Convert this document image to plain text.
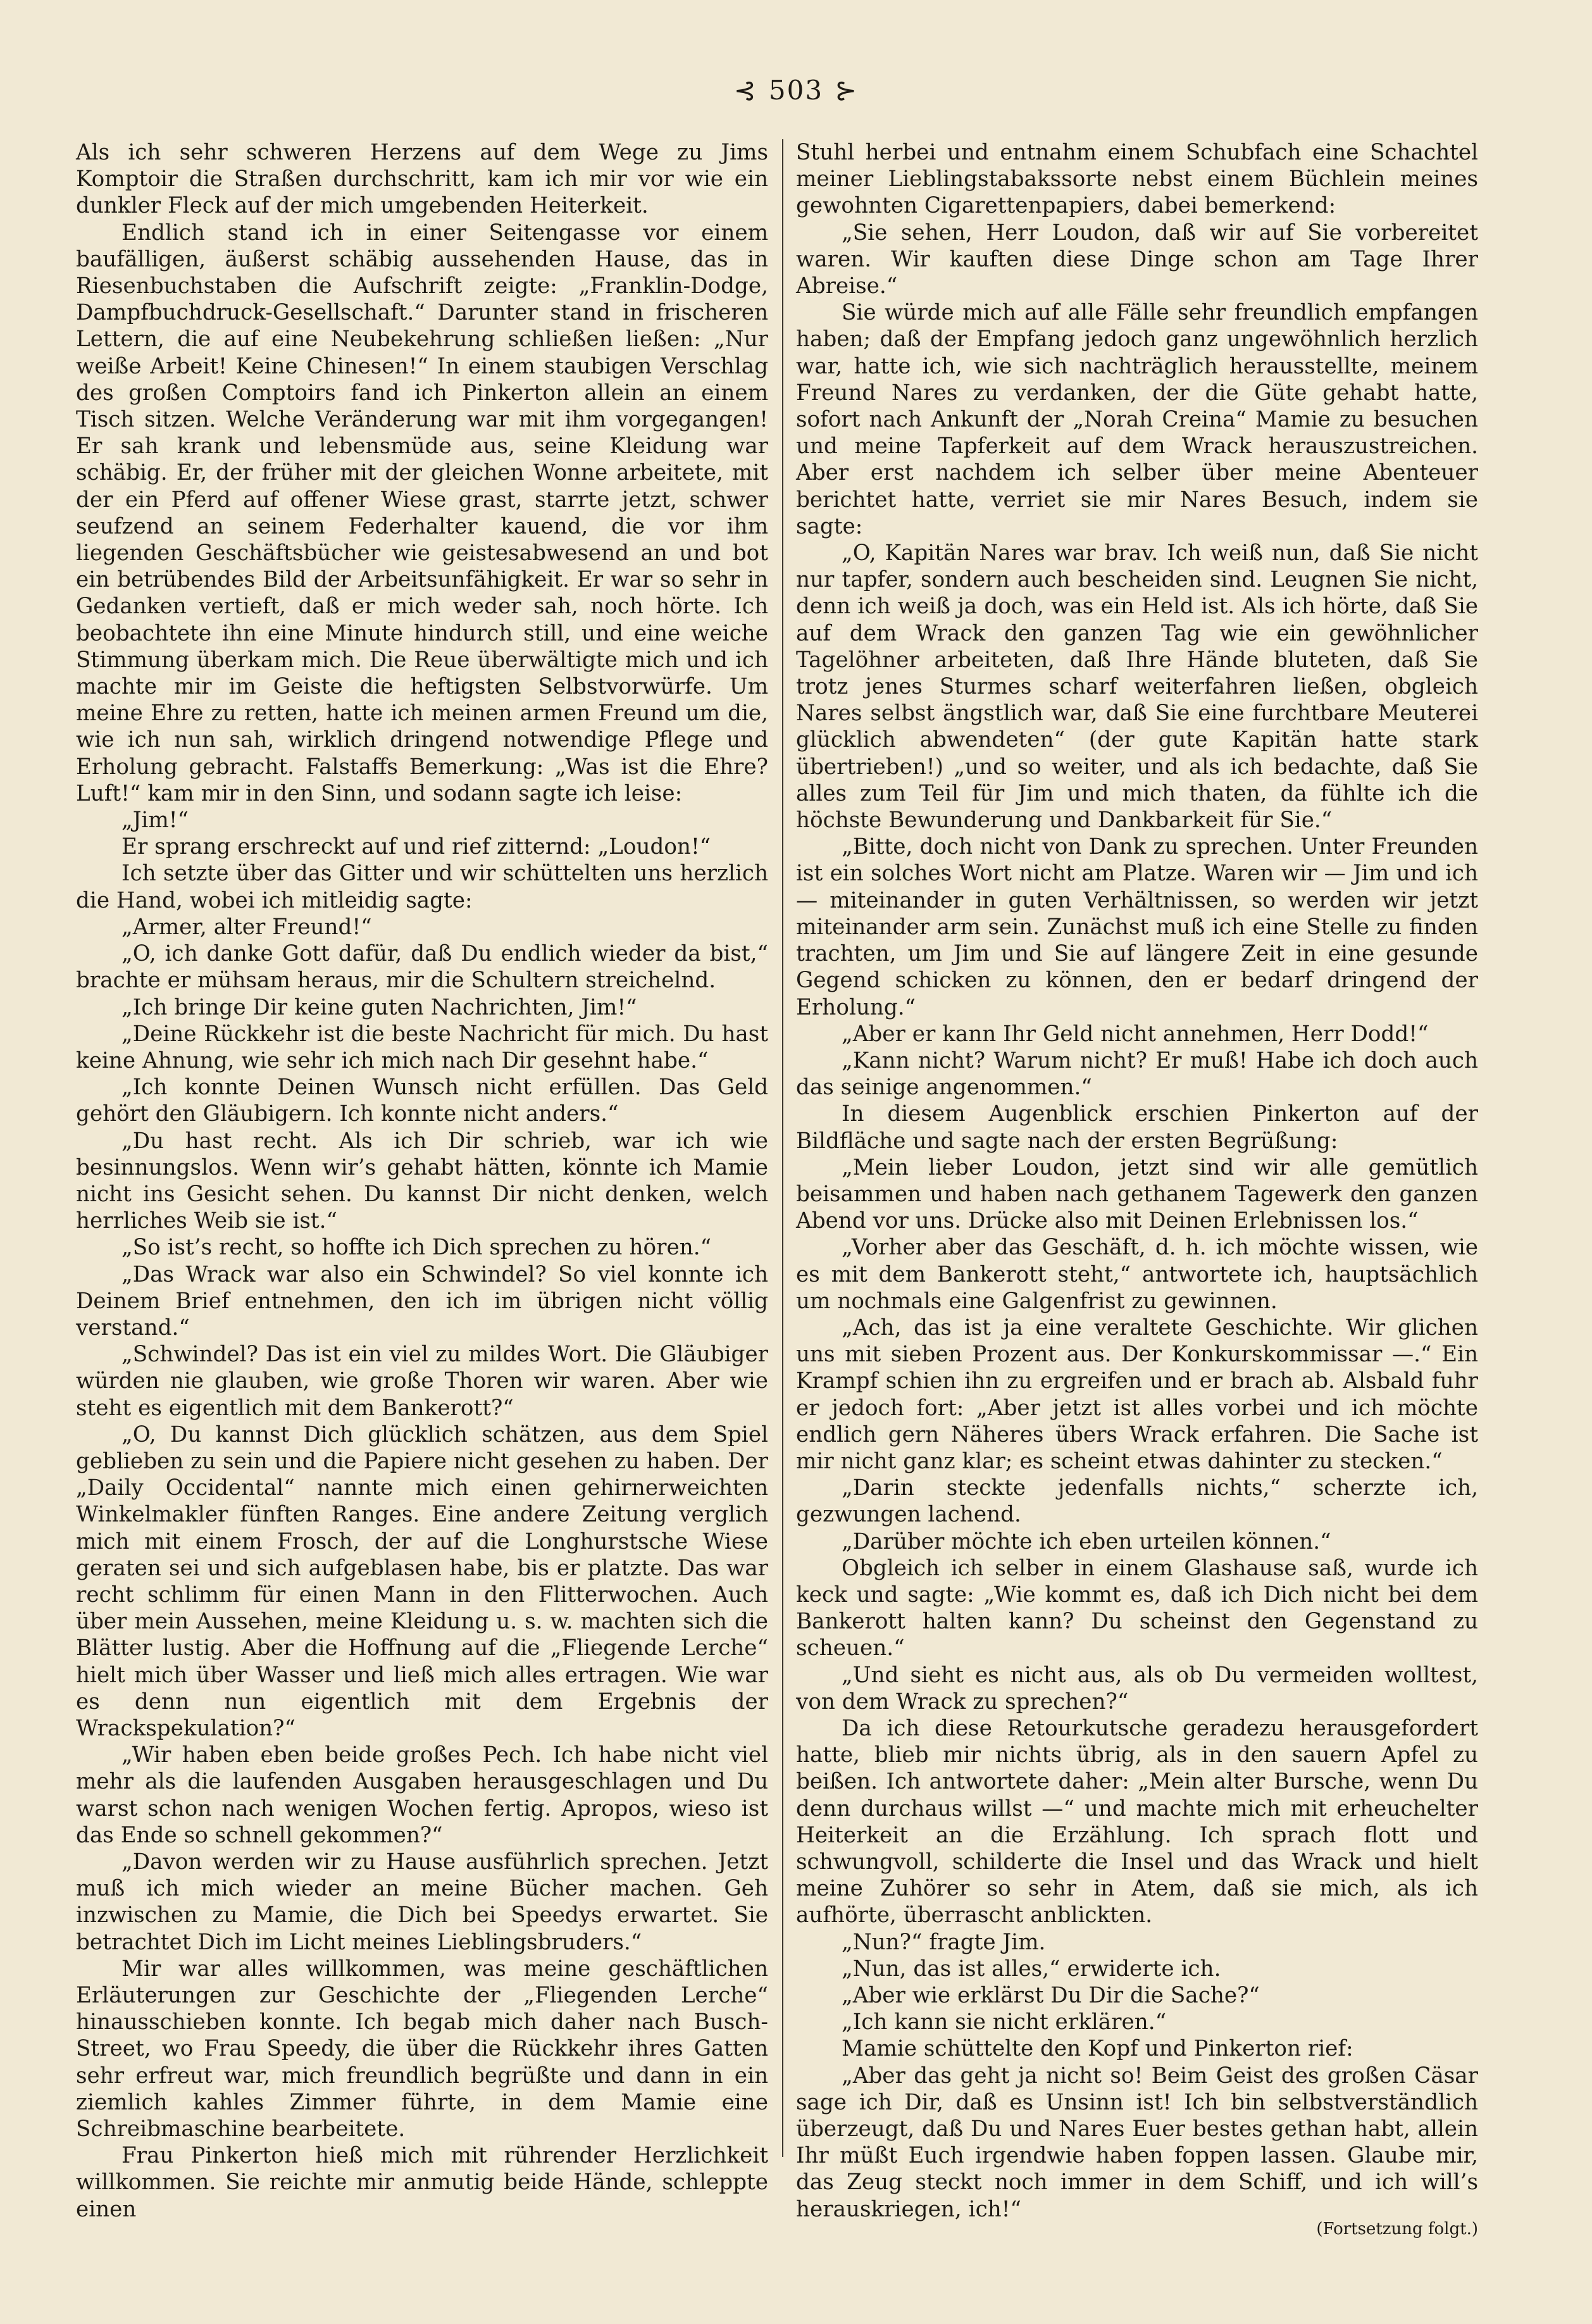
⊰ 503 ⊱

Als ich sehr schweren Herzens auf dem Wege zu Jims Komptoir die Straßen durchschritt, kam ich mir vor wie ein dunkler Fleck auf der mich umgebenden Heiterkeit.

Endlich stand ich in einer Seitengasse vor einem baufälligen, äußerst schäbig aussehenden Hause, das in Riesenbuchstaben die Aufschrift zeigte: „Franklin-Dodge, Dampfbuchdruck-Gesellschaft.“ Darunter stand in frischeren Lettern, die auf eine Neubekehrung schließen ließen: „Nur weiße Arbeit! Keine Chinesen!“ In einem staubigen Verschlag des großen Comptoirs fand ich Pinkerton allein an einem Tisch sitzen. Welche Veränderung war mit ihm vorgegangen! Er sah krank und lebensmüde aus, seine Kleidung war schäbig. Er, der früher mit der gleichen Wonne arbeitete, mit der ein Pferd auf offener Wiese grast, starrte jetzt, schwer seufzend an seinem Federhalter kauend, die vor ihm liegenden Geschäftsbücher wie geistesabwesend an und bot ein betrübendes Bild der Arbeitsunfähigkeit. Er war so sehr in Gedanken vertieft, daß er mich weder sah, noch hörte. Ich beobachtete ihn eine Minute hindurch still, und eine weiche Stimmung überkam mich. Die Reue überwältigte mich und ich machte mir im Geiste die heftigsten Selbstvorwürfe. Um meine Ehre zu retten, hatte ich meinen armen Freund um die, wie ich nun sah, wirklich dringend notwendige Pflege und Erholung gebracht. Falstaffs Bemerkung: „Was ist die Ehre? Luft!“ kam mir in den Sinn, und sodann sagte ich leise:

„Jim!“

Er sprang erschreckt auf und rief zitternd: „Loudon!“

Ich setzte über das Gitter und wir schüttelten uns herzlich die Hand, wobei ich mitleidig sagte:

„Armer, alter Freund!“

„O, ich danke Gott dafür, daß Du endlich wieder da bist,“ brachte er mühsam heraus, mir die Schultern streichelnd.

„Ich bringe Dir keine guten Nachrichten, Jim!“

„Deine Rückkehr ist die beste Nachricht für mich. Du hast keine Ahnung, wie sehr ich mich nach Dir gesehnt habe.“

„Ich konnte Deinen Wunsch nicht erfüllen. Das Geld gehört den Gläubigern. Ich konnte nicht anders.“

„Du hast recht. Als ich Dir schrieb, war ich wie besinnungslos. Wenn wir’s gehabt hätten, könnte ich Mamie nicht ins Gesicht sehen. Du kannst Dir nicht denken, welch herrliches Weib sie ist.“

„So ist’s recht, so hoffte ich Dich sprechen zu hören.“

„Das Wrack war also ein Schwindel? So viel konnte ich Deinem Brief entnehmen, den ich im übrigen nicht völlig verstand.“

„Schwindel? Das ist ein viel zu mildes Wort. Die Gläubiger würden nie glauben, wie große Thoren wir waren. Aber wie steht es eigentlich mit dem Bankerott?“

„O, Du kannst Dich glücklich schätzen, aus dem Spiel geblieben zu sein und die Papiere nicht gesehen zu haben. Der „Daily Occidental“ nannte mich einen gehirnerweichten Winkelmakler fünften Ranges. Eine andere Zeitung verglich mich mit einem Frosch, der auf die Longhurstsche Wiese geraten sei und sich aufgeblasen habe, bis er platzte. Das war recht schlimm für einen Mann in den Flitterwochen. Auch über mein Aussehen, meine Kleidung u. s. w. machten sich die Blätter lustig. Aber die Hoffnung auf die „Fliegende Lerche“ hielt mich über Wasser und ließ mich alles ertragen. Wie war es denn nun eigentlich mit dem Ergebnis der Wrackspekulation?“

„Wir haben eben beide großes Pech. Ich habe nicht viel mehr als die laufenden Ausgaben herausgeschlagen und Du warst schon nach wenigen Wochen fertig. Apropos, wieso ist das Ende so schnell gekommen?“

„Davon werden wir zu Hause ausführlich sprechen. Jetzt muß ich mich wieder an meine Bücher machen. Geh inzwischen zu Mamie, die Dich bei Speedys erwartet. Sie betrachtet Dich im Licht meines Lieblingsbruders.“

Mir war alles willkommen, was meine geschäftlichen Erläuterungen zur Geschichte der „Fliegenden Lerche“ hinausschieben konnte. Ich begab mich daher nach Busch-Street, wo Frau Speedy, die über die Rückkehr ihres Gatten sehr erfreut war, mich freundlich begrüßte und dann in ein ziemlich kahles Zimmer führte, in dem Mamie eine Schreibmaschine bearbeitete.

Frau Pinkerton hieß mich mit rührender Herzlichkeit willkommen. Sie reichte mir anmutig beide Hände, schleppte einen

Stuhl herbei und entnahm einem Schubfach eine Schachtel meiner Lieblingstabakssorte nebst einem Büchlein meines gewohnten Cigarettenpapiers, dabei bemerkend:

„Sie sehen, Herr Loudon, daß wir auf Sie vorbereitet waren. Wir kauften diese Dinge schon am Tage Ihrer Abreise.“

Sie würde mich auf alle Fälle sehr freundlich empfangen haben; daß der Empfang jedoch ganz ungewöhnlich herzlich war, hatte ich, wie sich nachträglich herausstellte, meinem Freund Nares zu verdanken, der die Güte gehabt hatte, sofort nach Ankunft der „Norah Creina“ Mamie zu besuchen und meine Tapferkeit auf dem Wrack herauszustreichen. Aber erst nachdem ich selber über meine Abenteuer berichtet hatte, verriet sie mir Nares Besuch, indem sie sagte:

„O, Kapitän Nares war brav. Ich weiß nun, daß Sie nicht nur tapfer, sondern auch bescheiden sind. Leugnen Sie nicht, denn ich weiß ja doch, was ein Held ist. Als ich hörte, daß Sie auf dem Wrack den ganzen Tag wie ein gewöhnlicher Tagelöhner arbeiteten, daß Ihre Hände bluteten, daß Sie trotz jenes Sturmes scharf weiterfahren ließen, obgleich Nares selbst ängstlich war, daß Sie eine furchtbare Meuterei glücklich abwendeten“ (der gute Kapitän hatte stark übertrieben!) „und so weiter, und als ich bedachte, daß Sie alles zum Teil für Jim und mich thaten, da fühlte ich die höchste Bewunderung und Dankbarkeit für Sie.“

„Bitte, doch nicht von Dank zu sprechen. Unter Freunden ist ein solches Wort nicht am Platze. Waren wir — Jim und ich — miteinander in guten Verhältnissen, so werden wir jetzt miteinander arm sein. Zunächst muß ich eine Stelle zu finden trachten, um Jim und Sie auf längere Zeit in eine gesunde Gegend schicken zu können, den er bedarf dringend der Erholung.“

„Aber er kann Ihr Geld nicht annehmen, Herr Dodd!“

„Kann nicht? Warum nicht? Er muß! Habe ich doch auch das seinige angenommen.“

In diesem Augenblick erschien Pinkerton auf der Bildfläche und sagte nach der ersten Begrüßung:

„Mein lieber Loudon, jetzt sind wir alle gemütlich beisammen und haben nach gethanem Tagewerk den ganzen Abend vor uns. Drücke also mit Deinen Erlebnissen los.“

„Vorher aber das Geschäft, d. h. ich möchte wissen, wie es mit dem Bankerott steht,“ antwortete ich, hauptsächlich um nochmals eine Galgenfrist zu gewinnen.

„Ach, das ist ja eine veraltete Geschichte. Wir glichen uns mit sieben Prozent aus. Der Konkurskommissar —.“ Ein Krampf schien ihn zu ergreifen und er brach ab. Alsbald fuhr er jedoch fort: „Aber jetzt ist alles vorbei und ich möchte endlich gern Näheres übers Wrack erfahren. Die Sache ist mir nicht ganz klar; es scheint etwas dahinter zu stecken.“

„Darin steckte jedenfalls nichts,“ scherzte ich, gezwungen lachend.

„Darüber möchte ich eben urteilen können.“

Obgleich ich selber in einem Glashause saß, wurde ich keck und sagte: „Wie kommt es, daß ich Dich nicht bei dem Bankerott halten kann? Du scheinst den Gegenstand zu scheuen.“

„Und sieht es nicht aus, als ob Du vermeiden wolltest, von dem Wrack zu sprechen?“

Da ich diese Retourkutsche geradezu herausgefordert hatte, blieb mir nichts übrig, als in den sauern Apfel zu beißen. Ich antwortete daher: „Mein alter Bursche, wenn Du denn durchaus willst —“ und machte mich mit erheuchelter Heiterkeit an die Erzählung. Ich sprach flott und schwungvoll, schilderte die Insel und das Wrack und hielt meine Zuhörer so sehr in Atem, daß sie mich, als ich aufhörte, überrascht anblickten.

„Nun?“ fragte Jim.

„Nun, das ist alles,“ erwiderte ich.

„Aber wie erklärst Du Dir die Sache?“

„Ich kann sie nicht erklären.“

Mamie schüttelte den Kopf und Pinkerton rief:

„Aber das geht ja nicht so! Beim Geist des großen Cäsar sage ich Dir, daß es Unsinn ist! Ich bin selbstverständlich überzeugt, daß Du und Nares Euer bestes gethan habt, allein Ihr müßt Euch irgendwie haben foppen lassen. Glaube mir, das Zeug steckt noch immer in dem Schiff, und ich will’s herauskriegen, ich!“

(Fortsetzung folgt.)
